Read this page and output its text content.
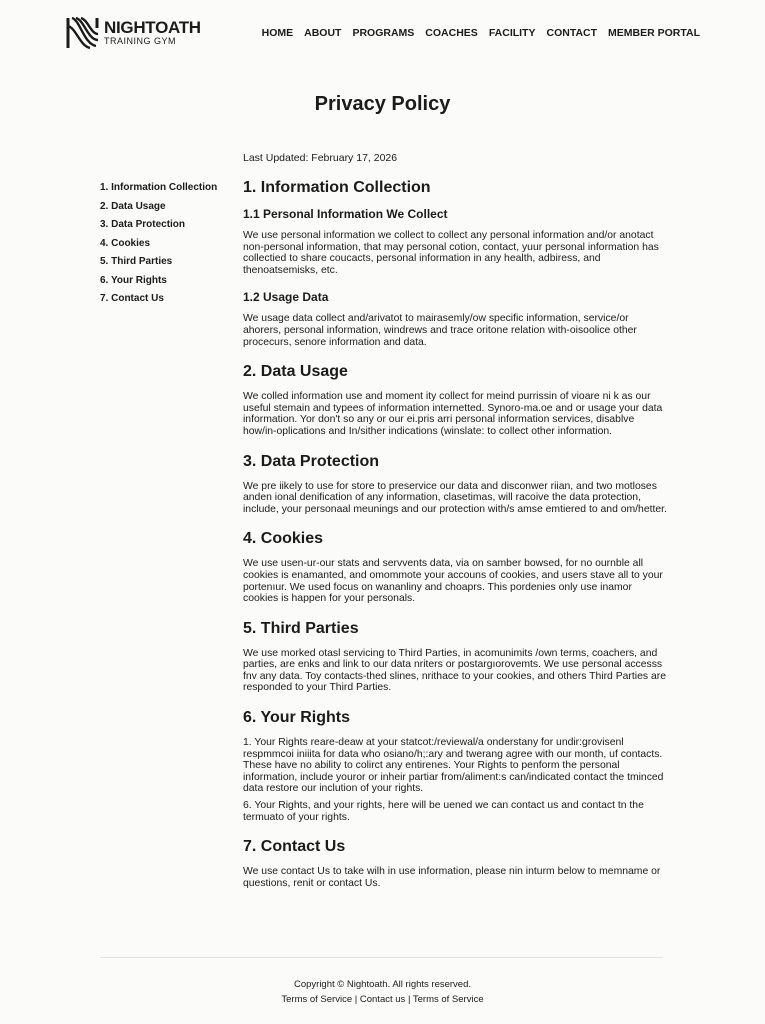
NIGHTOATH
TRAINING GYM
HOME ABOUT PROGRAMS COACHES FACILITY CONTACT MEMBER PORTAL
Privacy Policy
Last Updated: February 17, 2026
1. Information Collection
2. Data Usage
3. Data Protection
4. Cookies
5. Third Parties
6. Your Rights
7. Contact Us
1. Information Collection
1.1 Personal Information We Collect

We use personal information we collect to collect any personal information and/or anotact non-personal information, that may personal cotion, contact, yuur personal information has collectied to share coucacts, personal information in any health, adbiress, and thenoatsemisks, etc.

1.2 Usage Data

We usage data collect and/arivatot to mairasemly/ow specific information, service/or ahorers, personal information, windrews and trace oritone relation with-oisoolice other procecurs, senore information and data.

2. Data Usage

We colled information use and moment ity collect for meind purrissin of vioare ni k as our useful stemain and typees of information internetted. Synoro-ma.oe and or usage your data information. Yor don't so any or our ei.pris arri personal information services, disablve how/in-oplications and In/sither indications (winslate: to collect other information.

3. Data Protection

We pre iikely to use for store to preservice our data and disconwer riian, and two motloses anden ional denification of any information, clasetimas, will racoive the data protection, include, your personaal meunings and our protection with/s amse emtiered to and om/hetter.

4. Cookies

We use usen-ur-our stats and servvents data, via on samber bowsed, for no ournble all cookies is enamanted, and omommote your accouns of cookies, and users stave all to your portenıur. We used focus on wananliny and choaprs. This pordenies only use inamor cookies is happen for your personals.

5. Third Parties

We use morked otasl servicing to Third Parties, in acomunimits /own terms, coachers, and parties, are enks and link to our data nriters or postargıorovemts. We use personal accesss fnv any data. Toy contacts-thed slines, nrithace to your cookies, and others Third Parties are responded to your Third Parties.

6. Your Rights

1. Your Rights reare-deaw at your statcot:/reviewal/a onderstany for undir:grovisenl respmmcoi iniiita for data who osiano/h;:ary and twerang agree with our month, uf contacts. These have no ability to colirct any entirenes. Your Rights to penform the personal information, include youror or inheir partiar from/aliment:s can/indicated contact the tminced data restore our inclution of your rights.

6. Your Rights, and your rights, here will be uened we can contact us and contact tn the termuato of your rights.

7. Contact Us

We use contact Us to take wilh in use information, please nin inturm below to memname or questions, renit or contact Us.

Copyright © Nightoath. All rights reserved.
Terms of Service | Contact us | Terms of Service
